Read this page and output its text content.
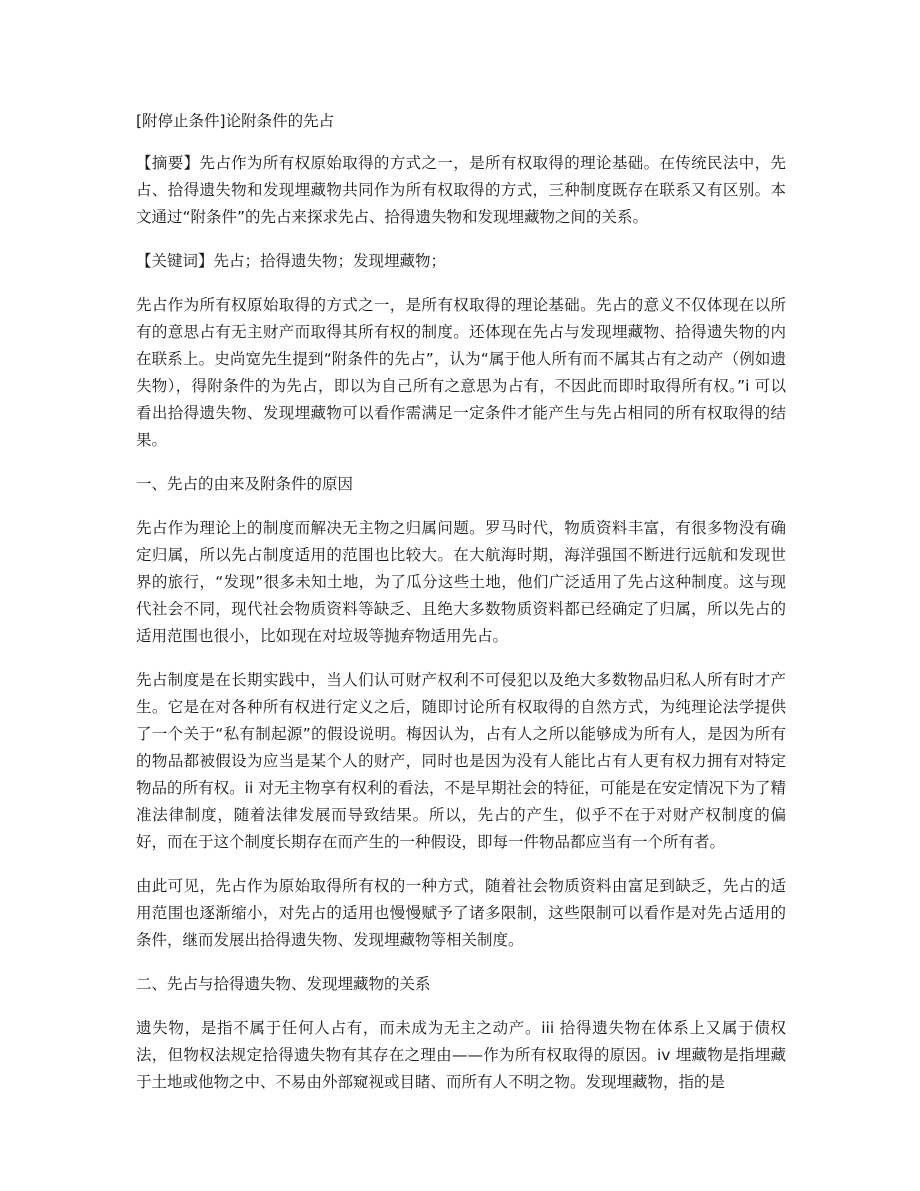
[附停止条件]论附条件的先占

【摘要】先占作为所有权原始取得的方式之一，是所有权取得的理论基础。在传统民法中，先占、拾得遗失物和发现埋藏物共同作为所有权取得的方式，三种制度既存在联系又有区别。本文通过“附条件”的先占来探求先占、拾得遗失物和发现埋藏物之间的关系。

【关键词】先占；拾得遗失物；发现埋藏物；

先占作为所有权原始取得的方式之一，是所有权取得的理论基础。先占的意义不仅体现在以所有的意思占有无主财产而取得其所有权的制度。还体现在先占与发现埋藏物、拾得遗失物的内在联系上。史尚宽先生提到“附条件的先占”，认为“属于他人所有而不属其占有之动产（例如遗失物），得附条件的为先占，即以为自己所有之意思为占有，不因此而即时取得所有权。”i 可以看出拾得遗失物、发现埋藏物可以看作需满足一定条件才能产生与先占相同的所有权取得的结果。

一、先占的由来及附条件的原因

先占作为理论上的制度而解决无主物之归属问题。罗马时代，物质资料丰富，有很多物没有确定归属，所以先占制度适用的范围也比较大。在大航海时期，海洋强国不断进行远航和发现世界的旅行，“发现”很多未知土地，为了瓜分这些土地，他们广泛适用了先占这种制度。这与现代社会不同，现代社会物质资料等缺乏、且绝大多数物质资料都已经确定了归属，所以先占的适用范围也很小，比如现在对垃圾等抛弃物适用先占。

先占制度是在长期实践中，当人们认可财产权利不可侵犯以及绝大多数物品归私人所有时才产生。它是在对各种所有权进行定义之后，随即讨论所有权取得的自然方式，为纯理论法学提供了一个关于“私有制起源”的假设说明。梅因认为，占有人之所以能够成为所有人，是因为所有的物品都被假设为应当是某个人的财产，同时也是因为没有人能比占有人更有权力拥有对特定物品的所有权。ii 对无主物享有权利的看法，不是早期社会的特征，可能是在安定情况下为了精准法律制度，随着法律发展而导致结果。所以，先占的产生，似乎不在于对财产权制度的偏好，而在于这个制度长期存在而产生的一种假设，即每一件物品都应当有一个所有者。

由此可见，先占作为原始取得所有权的一种方式，随着社会物质资料由富足到缺乏，先占的适用范围也逐渐缩小，对先占的适用也慢慢赋予了诸多限制，这些限制可以看作是对先占适用的条件，继而发展出拾得遗失物、发现埋藏物等相关制度。

二、先占与拾得遗失物、发现埋藏物的关系

遗失物，是指不属于任何人占有，而未成为无主之动产。iii 拾得遗失物在体系上又属于债权法，但物权法规定拾得遗失物有其存在之理由——作为所有权取得的原因。iv 埋藏物是指埋藏于土地或他物之中、不易由外部窥视或目睹、而所有人不明之物。发现埋藏物，指的是
